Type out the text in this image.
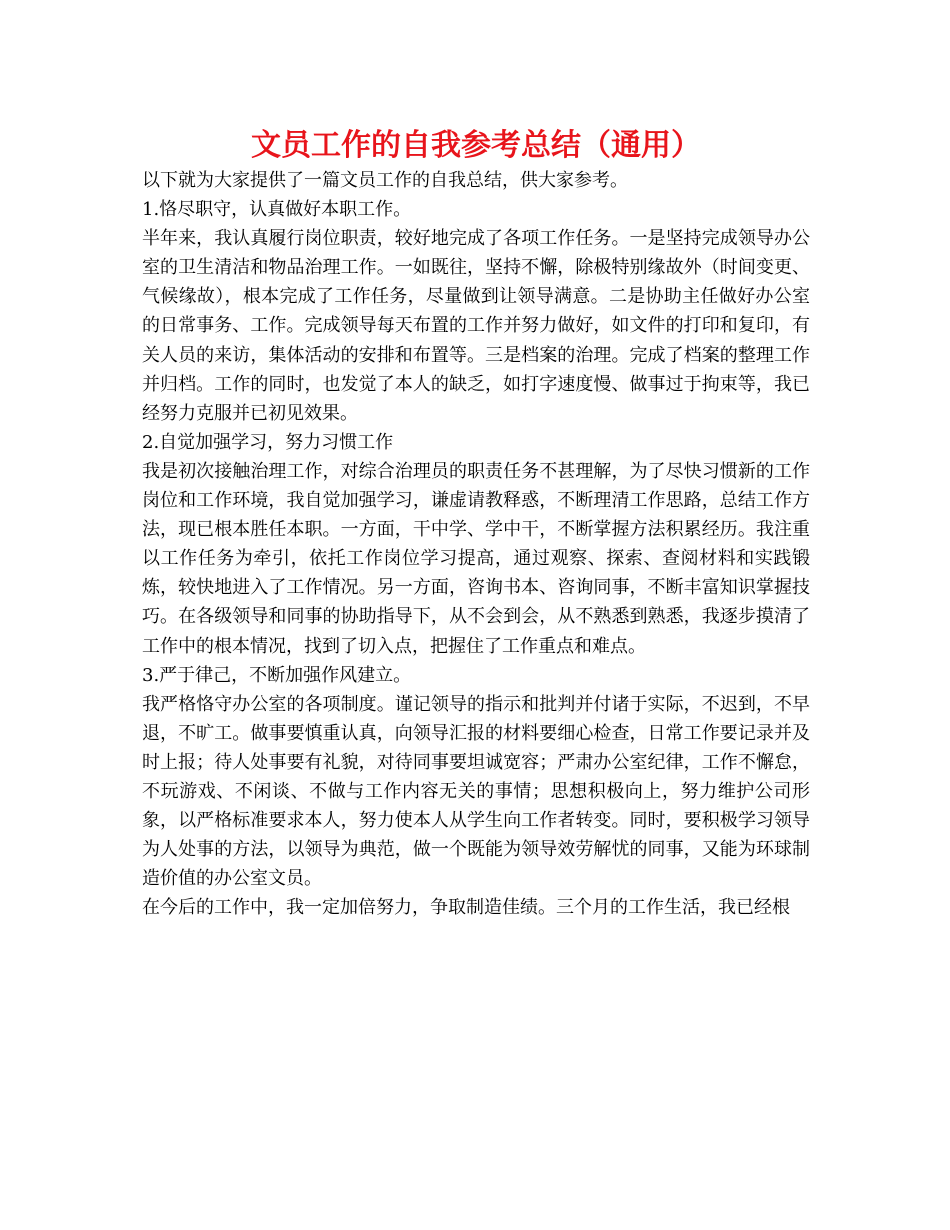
文员工作的自我参考总结（通用）

以下就为大家提供了一篇文员工作的自我总结，供大家参考。

1.恪尽职守，认真做好本职工作。

半年来，我认真履行岗位职责，较好地完成了各项工作任务。一是坚持完成领导办公室的卫生清洁和物品治理工作。一如既往，坚持不懈，除极特别缘故外（时间变更、气候缘故），根本完成了工作任务，尽量做到让领导满意。二是协助主任做好办公室的日常事务、工作。完成领导每天布置的工作并努力做好，如文件的打印和复印，有关人员的来访，集体活动的安排和布置等。三是档案的治理。完成了档案的整理工作并归档。工作的同时，也发觉了本人的缺乏，如打字速度慢、做事过于拘束等，我已经努力克服并已初见效果。

2.自觉加强学习，努力习惯工作

我是初次接触治理工作，对综合治理员的职责任务不甚理解，为了尽快习惯新的工作岗位和工作环境，我自觉加强学习，谦虚请教释惑，不断理清工作思路，总结工作方法，现已根本胜任本职。一方面，干中学、学中干，不断掌握方法积累经历。我注重以工作任务为牵引，依托工作岗位学习提高，通过观察、探索、查阅材料和实践锻炼，较快地进入了工作情况。另一方面，咨询书本、咨询同事，不断丰富知识掌握技巧。在各级领导和同事的协助指导下，从不会到会，从不熟悉到熟悉，我逐步摸清了工作中的根本情况，找到了切入点，把握住了工作重点和难点。

3.严于律己，不断加强作风建立。

我严格恪守办公室的各项制度。谨记领导的指示和批判并付诸于实际，不迟到，不早退，不旷工。做事要慎重认真，向领导汇报的材料要细心检查，日常工作要记录并及时上报；待人处事要有礼貌，对待同事要坦诚宽容；严肃办公室纪律，工作不懈怠，不玩游戏、不闲谈、不做与工作内容无关的事情；思想积极向上，努力维护公司形象，以严格标准要求本人，努力使本人从学生向工作者转变。同时，要积极学习领导为人处事的方法，以领导为典范，做一个既能为领导效劳解忧的同事，又能为环球制造价值的办公室文员。

在今后的工作中，我一定加倍努力，争取制造佳绩。三个月的工作生活，我已经根
